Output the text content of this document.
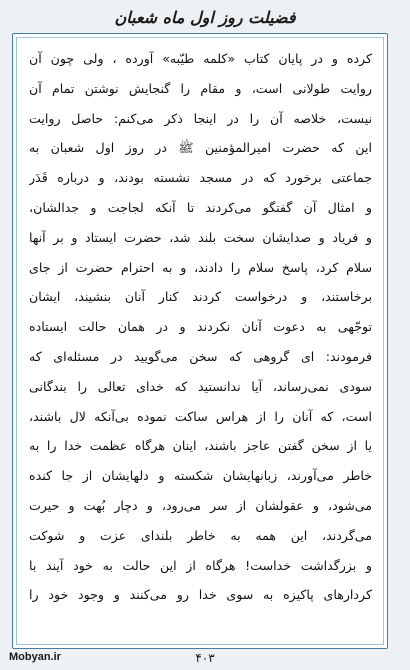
فضیلت روز اول ماه شعبان
کرده و در پایان کتاب «کلمه طیّبه» آورده ، ولی چون آن
روایت طولانی است، و مقام را گنجایش نوشتن تمام آن
نیست، خلاصه آن را در اینجا ذکر می‌کنم: حاصل روایت
این که حضرت امیرالمؤمنین ﷺ در روز اول شعبان به
جماعتی برخورد که در مسجد نشسته بودند، و درباره قَدَر
و امثال آن گفتگو می‌کردند تا آنکه لجاجت و جدالشان،
و فریاد و صدایشان سخت بلند شد، حضرت ایستاد و بر آنها
سلام کرد، پاسخ سلام را دادند، و به احترام حضرت از جای
برخاستند، و درخواست کردند کنار آنان بنشیند، ایشان
توجّهی به دعوت آنان نکردند و در همان حالت ایستاده
فرمودند: ای گروهی که سخن می‌گویید در مسئله‌ای که
سودی نمی‌رساند، آیا ندانستید که خدای تعالی را بندگانی
است، که آنان را از هراس ساکت نموده بی‌آنکه لال باشند،
یا از سخن گفتن عاجز باشند، اینان هرگاه عظمت خدا را به
خاطر می‌آورند، زبانهایشان شکسته و دلهایشان از جا کنده
می‌شود، و عقولشان از سر می‌رود، و دچار بُهت و حیرت
می‌گردند، این همه به خاطر بلندای عزت و شوکت
و بزرگداشت خداست! هرگاه از این حالت به خود آیند با
کردارهای پاکیزه به سوی خدا رو می‌کنند و وجود خود را
Mobyan.ir	۴۰۳
